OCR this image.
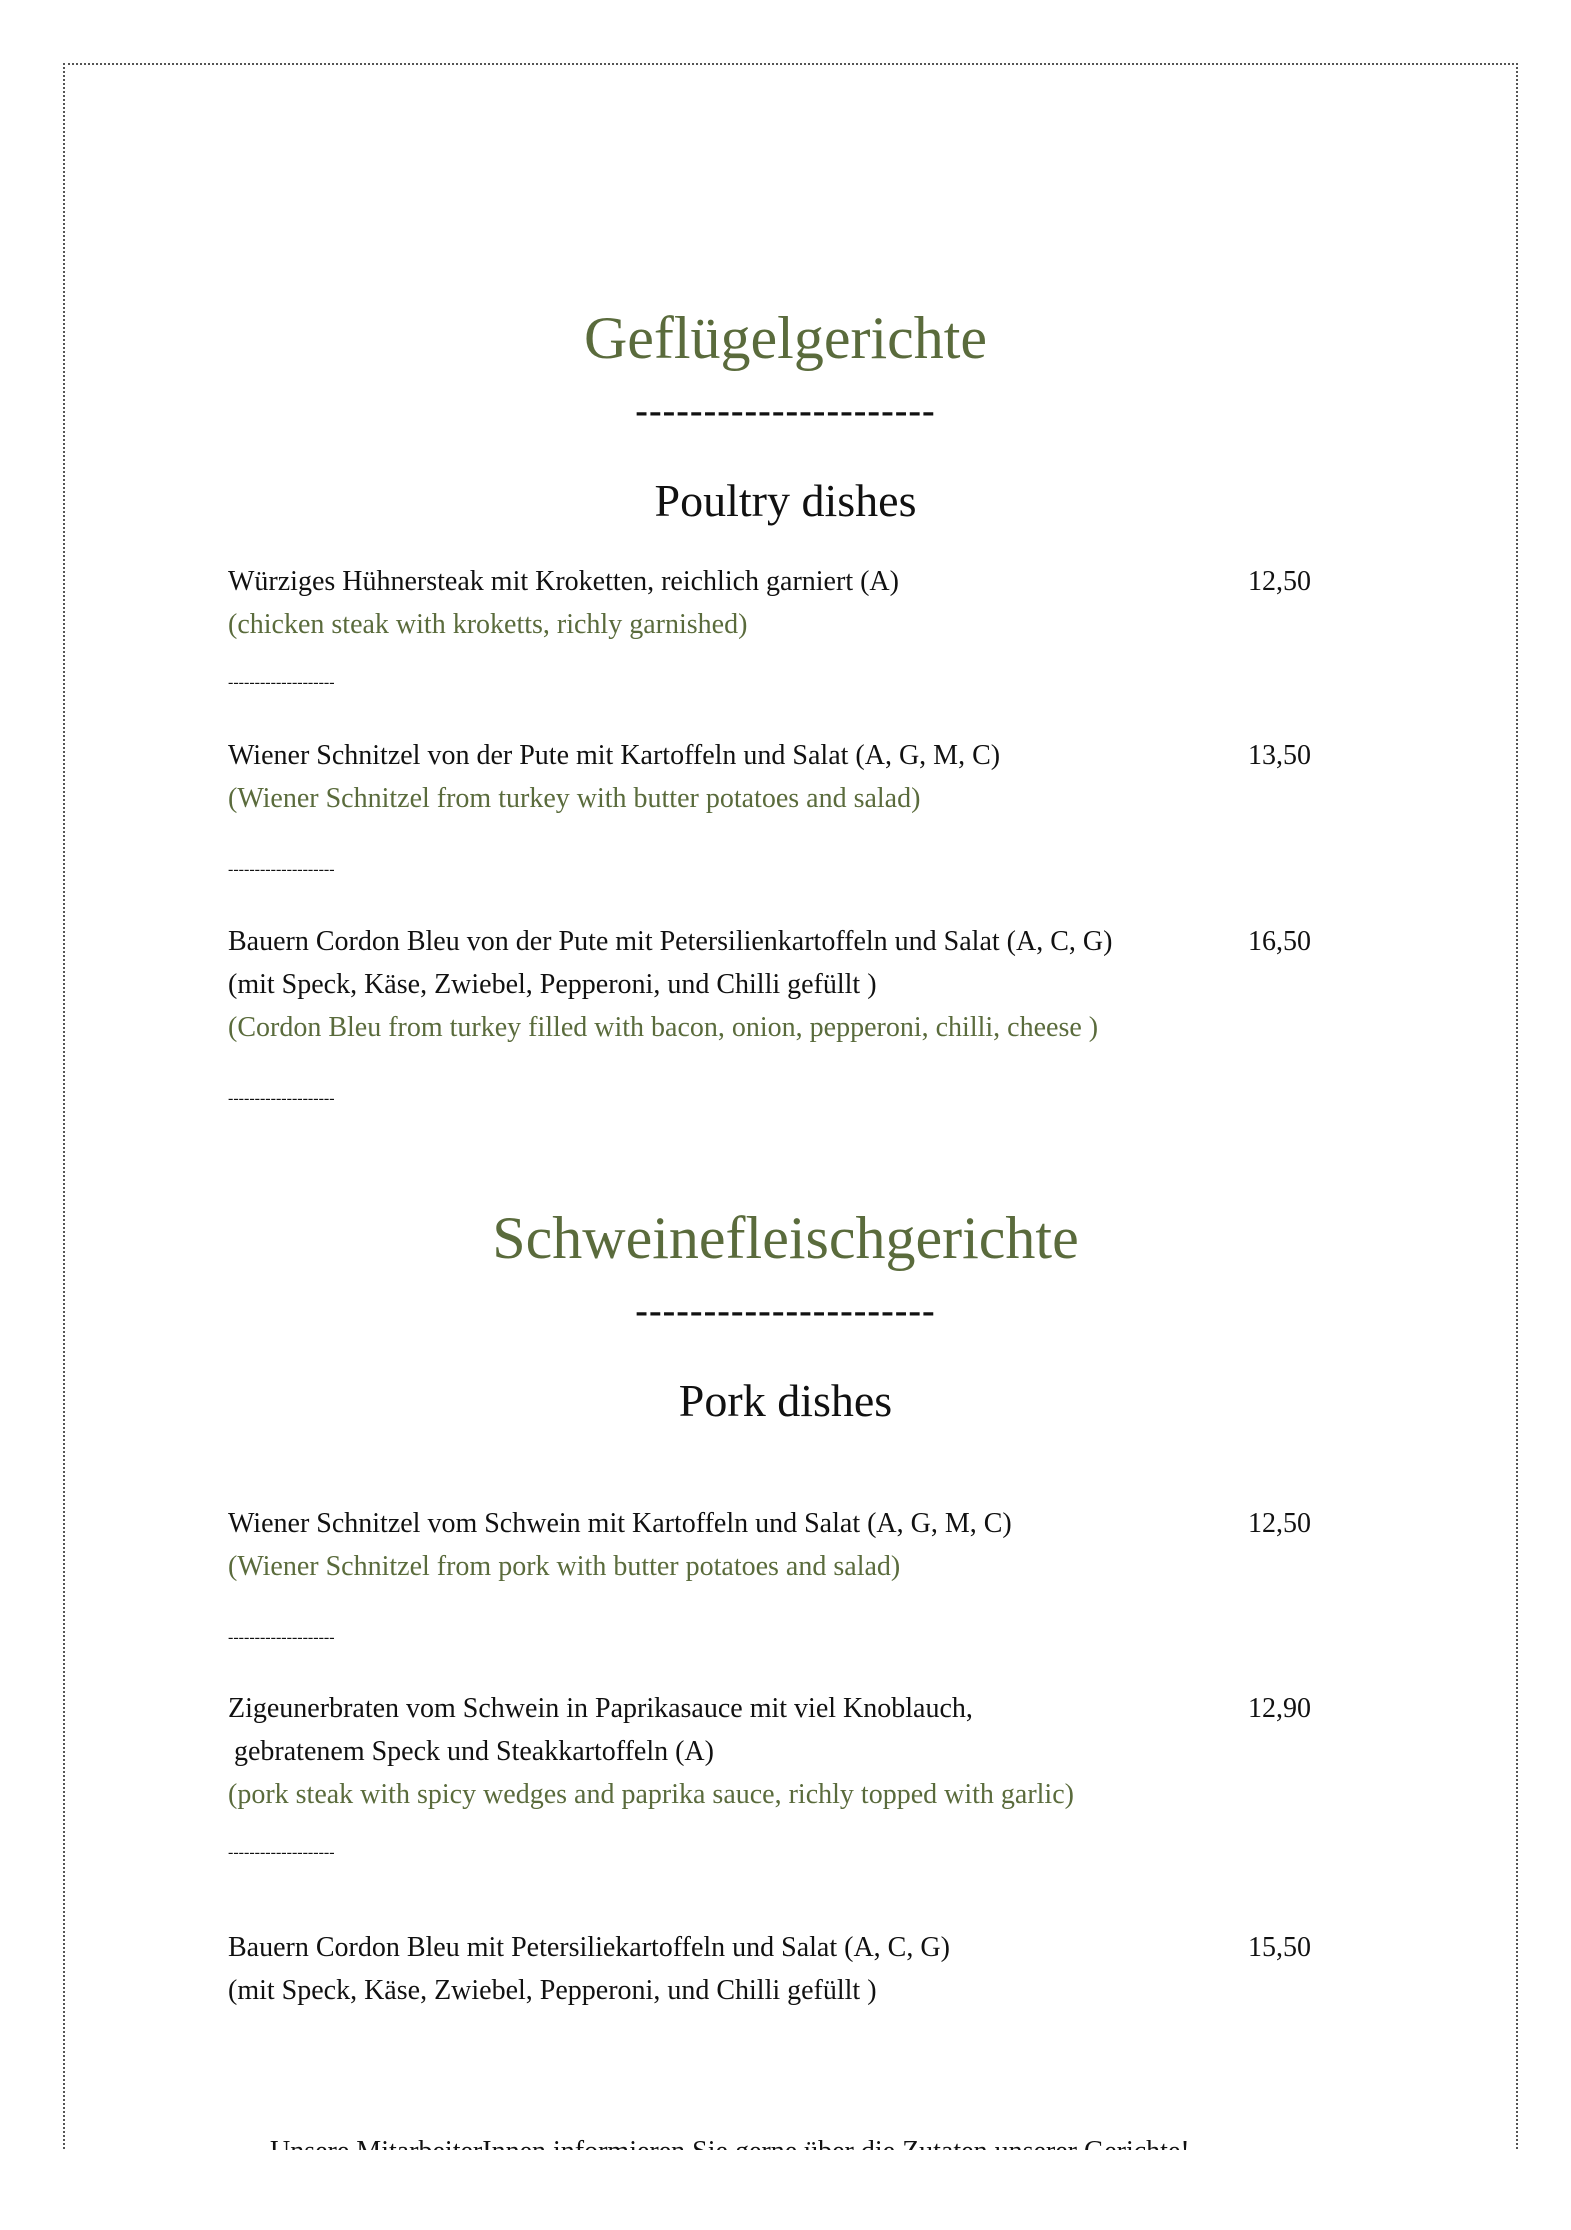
Geflügelgerichte
----------------------
Poultry dishes
Würziges Hühnersteak mit Kroketten, reichlich garniert (A)	12,50
(chicken steak with kroketts, richly garnished)
--------------------
Wiener Schnitzel von der Pute mit Kartoffeln und Salat (A, G, M, C)	13,50
(Wiener Schnitzel from turkey with butter potatoes and salad)
--------------------
Bauern Cordon Bleu von der Pute mit Petersilienkartoffeln und Salat (A, C, G)	16,50
(mit Speck, Käse, Zwiebel, Pepperoni, und Chilli gefüllt )
(Cordon Bleu from turkey filled with bacon, onion, pepperoni, chilli, cheese )
--------------------
Schweinefleischgerichte
----------------------
Pork dishes
Wiener Schnitzel vom Schwein mit Kartoffeln und Salat (A, G, M, C)	12,50
(Wiener Schnitzel from pork with butter potatoes and salad)
--------------------
Zigeunerbraten vom Schwein in Paprikasauce mit viel Knoblauch,	12,90
gebratenem Speck und Steakkartoffeln (A)
(pork steak with spicy wedges and paprika sauce, richly topped with garlic)
--------------------
Bauern Cordon Bleu mit Petersiliekartoffeln und Salat (A, C, G)	15,50
(mit Speck, Käse, Zwiebel, Pepperoni, und Chilli gefüllt )
